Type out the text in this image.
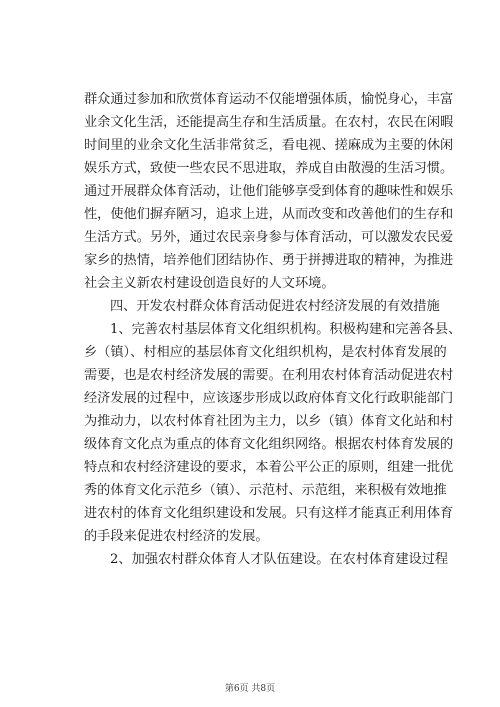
群众通过参加和欣赏体育运动不仅能增强体质，愉悦身心，丰富
业余文化生活，还能提高生存和生活质量。在农村，农民在闲暇
时间里的业余文化生活非常贫乏，看电视、搓麻成为主要的休闲
娱乐方式，致使一些农民不思进取，养成自由散漫的生活习惯。
通过开展群众体育活动，让他们能够享受到体育的趣味性和娱乐
性，使他们摒弃陋习，追求上进，从而改变和改善他们的生存和
生活方式。另外，通过农民亲身参与体育活动，可以激发农民爱
家乡的热情，培养他们团结协作、勇于拼搏进取的精神，为推进
社会主义新农村建设创造良好的人文环境。
四、开发农村群众体育活动促进农村经济发展的有效措施
1、完善农村基层体育文化组织机构。积极构建和完善各县、
乡（镇）、村相应的基层体育文化组织机构，是农村体育发展的
需要，也是农村经济发展的需要。在利用农村体育活动促进农村
经济发展的过程中，应该逐步形成以政府体育文化行政职能部门
为推动力，以农村体育社团为主力，以乡（镇）体育文化站和村
级体育文化点为重点的体育文化组织网络。根据农村体育发展的
特点和农村经济建设的要求，本着公平公正的原则，组建一批优
秀的体育文化示范乡（镇）、示范村、示范组，来积极有效地推
进农村的体育文化组织建设和发展。只有这样才能真正利用体育
的手段来促进农村经济的发展。
2、加强农村群众体育人才队伍建设。在农村体育建设过程
第6页 共8页
